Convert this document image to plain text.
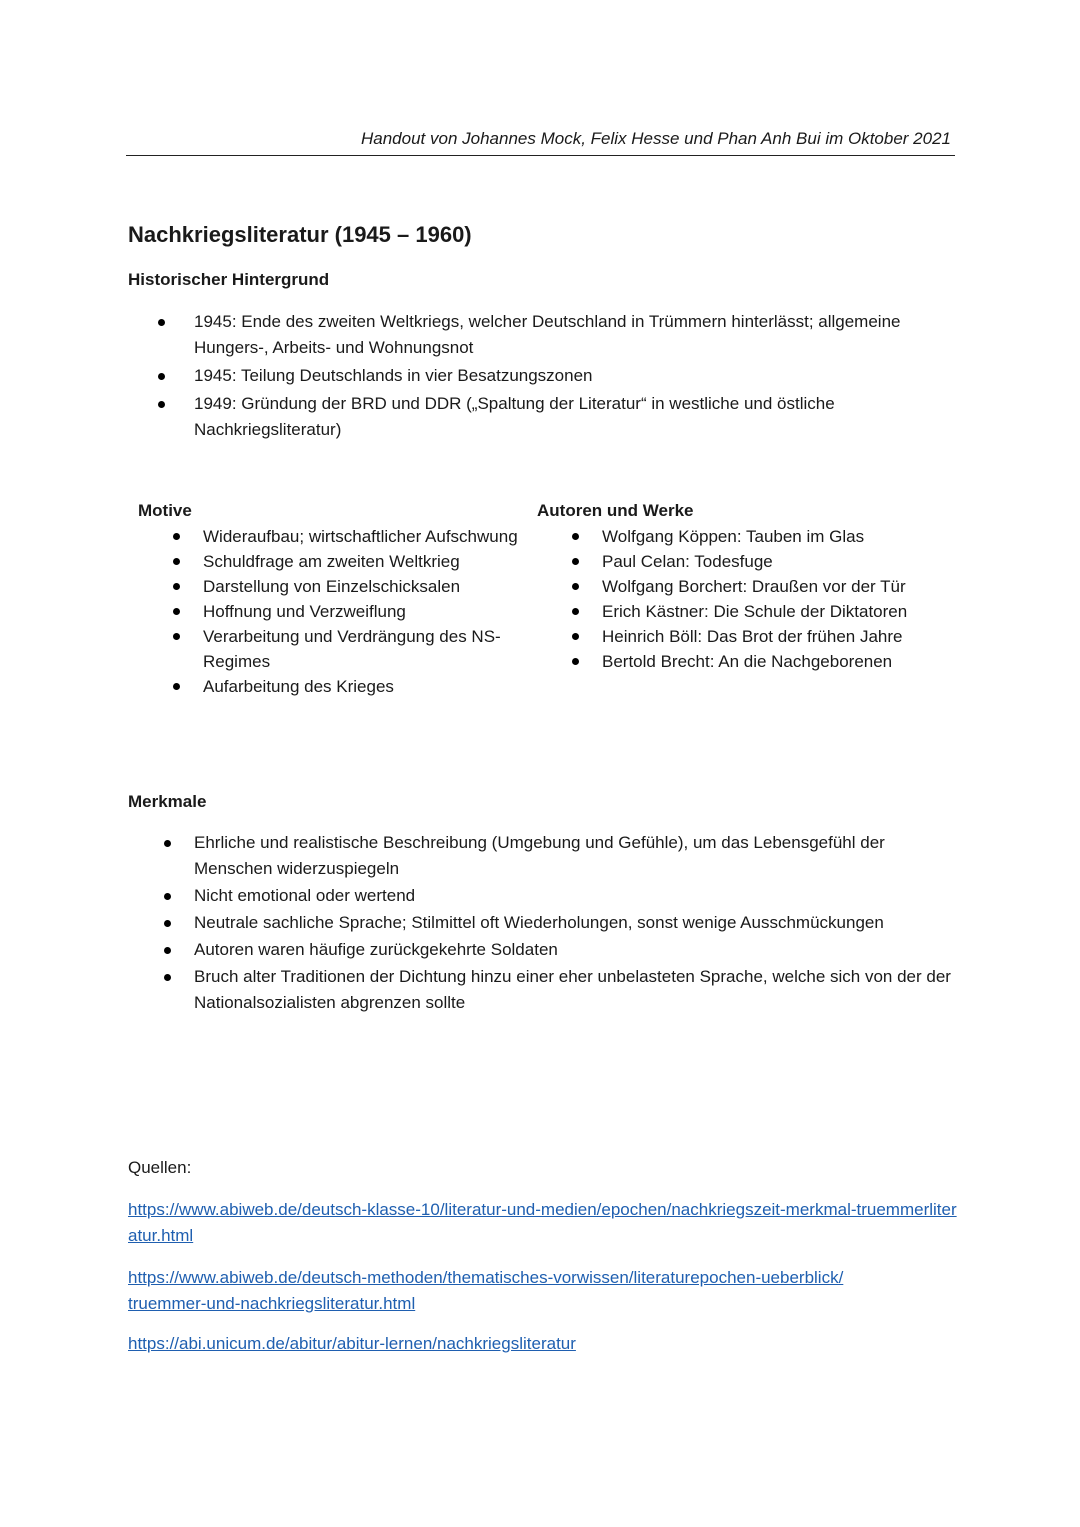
Handout von Johannes Mock, Felix Hesse und Phan Anh Bui im Oktober 2021
Nachkriegsliteratur (1945 – 1960)
Historischer Hintergrund
1945: Ende des zweiten Weltkriegs, welcher Deutschland in Trümmern hinterlässt; allgemeine Hungers-, Arbeits- und Wohnungsnot
1945: Teilung Deutschlands in vier Besatzungszonen
1949: Gründung der BRD und DDR („Spaltung der Literatur“ in westliche und östliche Nachkriegsliteratur)
Motive
Wideraufbau; wirtschaftlicher Aufschwung
Schuldfrage am zweiten Weltkrieg
Darstellung von Einzelschicksalen
Hoffnung und Verzweiflung
Verarbeitung und Verdrängung des NS-Regimes
Aufarbeitung des Krieges
Autoren und Werke
Wolfgang Köppen: Tauben im Glas
Paul Celan: Todesfuge
Wolfgang Borchert: Draußen vor der Tür
Erich Kästner: Die Schule der Diktatoren
Heinrich Böll: Das Brot der frühen Jahre
Bertold Brecht: An die Nachgeborenen
Merkmale
Ehrliche und realistische Beschreibung (Umgebung und Gefühle), um das Lebensgefühl der Menschen widerzuspiegeln
Nicht emotional oder wertend
Neutrale sachliche Sprache; Stilmittel oft Wiederholungen, sonst wenige Ausschmückungen
Autoren waren häufige zurückgekehrte Soldaten
Bruch alter Traditionen der Dichtung hinzu einer eher unbelasteten Sprache, welche sich von der der Nationalsozialisten abgrenzen sollte
Quellen:
https://www.abiweb.de/deutsch-klasse-10/literatur-und-medien/epochen/nachkriegszeit-merkmal-truemmerliteratur.html
https://www.abiweb.de/deutsch-methoden/thematisches-vorwissen/literaturepochen-ueberblick/truemmer-und-nachkriegsliteratur.html
https://abi.unicum.de/abitur/abitur-lernen/nachkriegsliteratur
